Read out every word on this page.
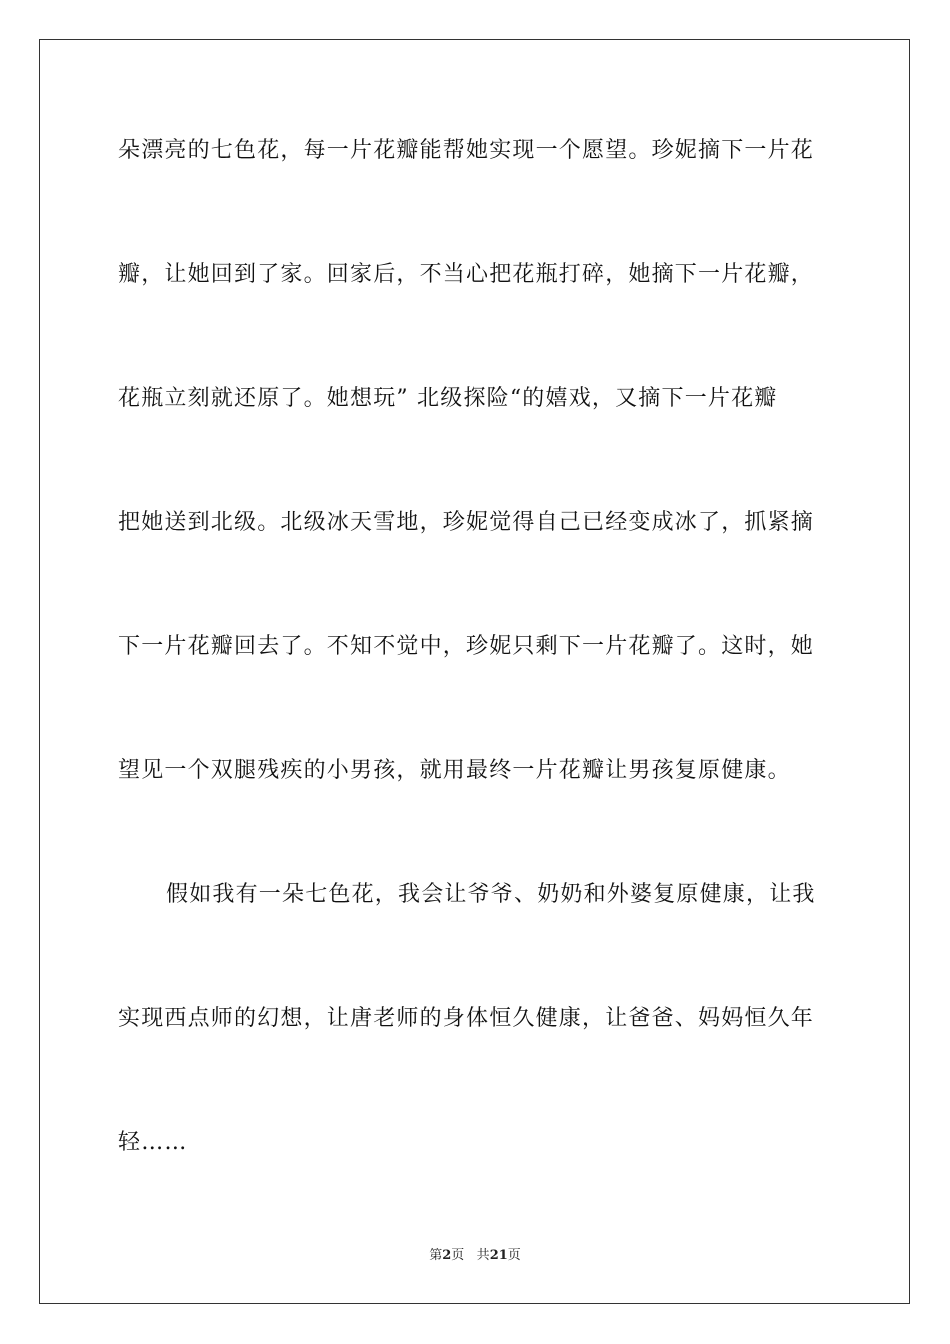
朵漂亮的七色花，每一片花瓣能帮她实现一个愿望。珍妮摘下一片花
瓣，让她回到了家。回家后，不当心把花瓶打碎，她摘下一片花瓣，
花瓶立刻就还原了。她想玩” 北级探险“的嬉戏，又摘下一片花瓣
把她送到北级。北级冰天雪地，珍妮觉得自己已经变成冰了，抓紧摘
下一片花瓣回去了。不知不觉中，珍妮只剩下一片花瓣了。这时，她
望见一个双腿残疾的小男孩，就用最终一片花瓣让男孩复原健康。
假如我有一朵七色花，我会让爷爷、奶奶和外婆复原健康，让我
实现西点师的幻想，让唐老师的身体恒久健康，让爸爸、妈妈恒久年
轻……
第2页 共21页
